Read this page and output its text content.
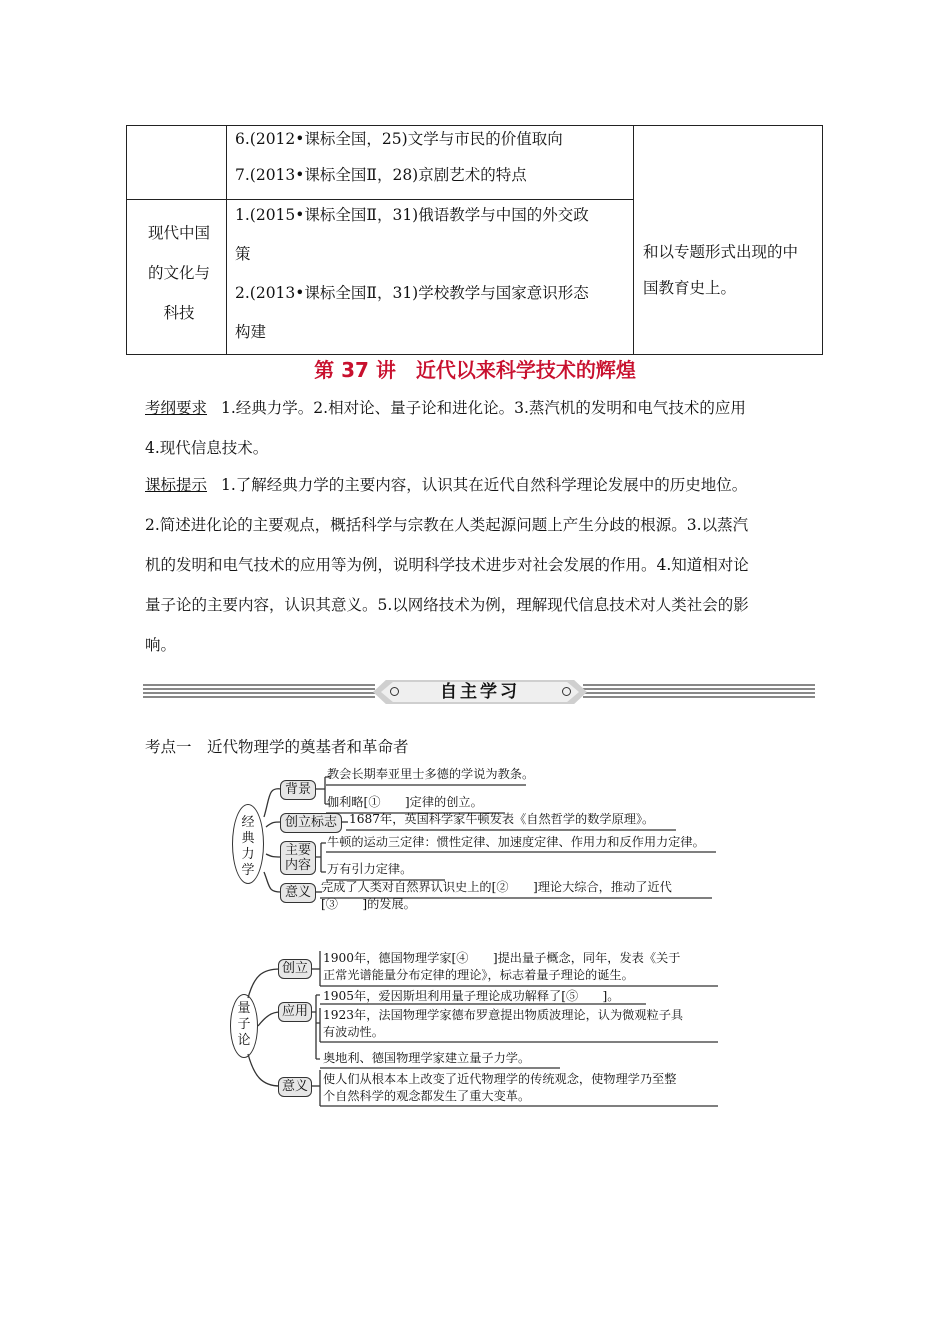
现代中国
的文化与
科技
6.(2012•课标全国，25)文学与市民的价值取向
7.(2013•课标全国Ⅱ，28)京剧艺术的特点
1.(2015•课标全国Ⅱ，31)俄语教学与中国的外交政
策
2.(2013•课标全国Ⅱ，31)学校教学与国家意识形态
构建
和以专题形式出现的中
国教育史上。
第 37 讲　近代以来科学技术的辉煌
考纲要求 1.经典力学。2.相对论、量子论和进化论。3.蒸汽机的发明和电气技术的应用
4.现代信息技术。
课标提示 1.了解经典力学的主要内容，认识其在近代自然科学理论发展中的历史地位。
2.简述进化论的主要观点，概括科学与宗教在人类起源问题上产生分歧的根源。3.以蒸汽
机的发明和电气技术的应用等为例，说明科学技术进步对社会发展的作用。4.知道相对论
量子论的主要内容，认识其意义。5.以网络技术为例，理解现代信息技术对人类社会的影
响。
自主学习
考点一　近代物理学的奠基者和革命者
经
典
力
学
背景
创立标志
主要
内容
意义
教会长期奉亚里士多德的学说为教条。
伽利略[①　　]定律的创立。
1687年，英国科学家牛顿发表《自然哲学的数学原理》。
牛顿的运动三定律：惯性定律、加速度定律、作用力和反作用力定律。
万有引力定律。
完成了人类对自然界认识史上的[②　　]理论大综合，推动了近代
[③　　]的发展。
量
子
论
创立
应用
意义
1900年，德国物理学家[④　　]提出量子概念，同年，发表《关于
正常光谱能量分布定律的理论》，标志着量子理论的诞生。
1905年，爱因斯坦利用量子理论成功解释了[⑤　　]。
1923年，法国物理学家德布罗意提出物质波理论，认为微观粒子具
有波动性。
奥地利、德国物理学家建立量子力学。
使人们从根本本上改变了近代物理学的传统观念，使物理学乃至整
个自然科学的观念都发生了重大变革。
